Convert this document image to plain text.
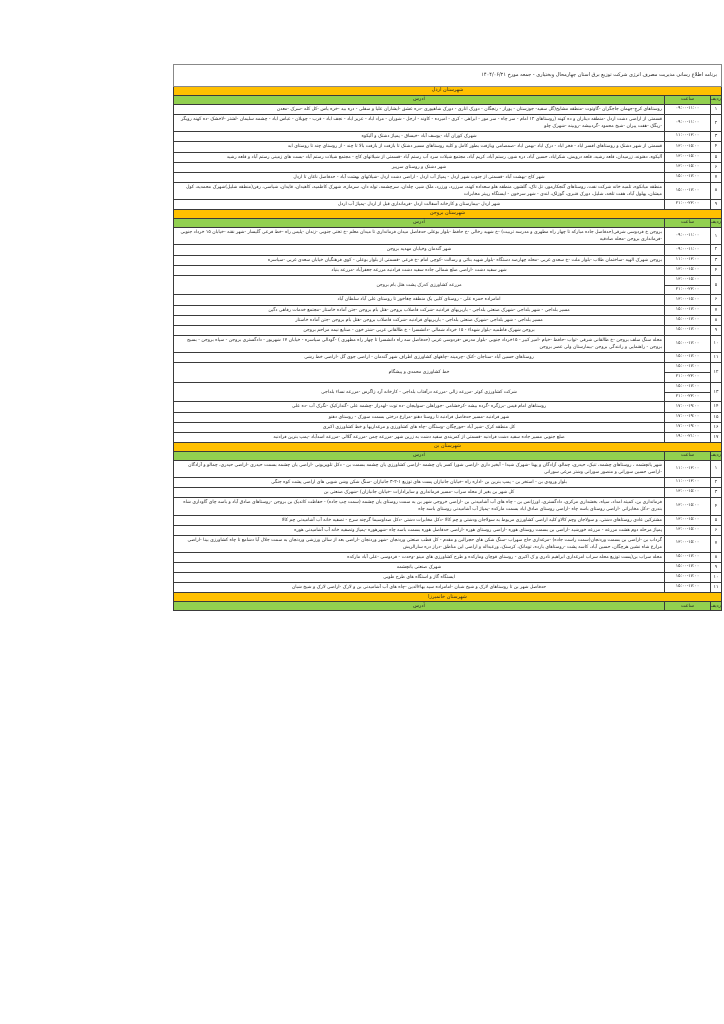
برنامه اطلاع رسانی مدیریت مصرف انرژی شرکت توزیع برق استان چهارمحال وبختیاری - جمعه مورخ ۱۴۰۴/۰۶/۲۱		
شهرستان اردل		
ردیف	ساعت	آدرس
۱	۰۹:۰۰-۱۱:۰۰	روستاهای کرچ-جهمان جاجگران -گاوتوت -منطقه مشایخ(گل سفید- جوزستان - پوراز - رنجگان - دورک اناری - دورک شاهپوری -دره عشق -ایشاران علیا و سفلی - دره بید -خره یاس -کل کله -سرک -معدن
۲	۰۹:۰۰-۱۱:۰۰	قسمتی از اراضی دشت اردل -منطقه دیناران و ده کهنه (روستاهای ۱۲ امام - سر چاه - سر مور - ابراهی - کری - امیرده - کاوند - ارجل - شوران - مراد اباد - عزیز اباد - نجف اباد - قرب - چوبلان - عباس اباد - چشمه سلیمان -لشتر -لاخشک -ده کهنه رویگر -ریگک -هفت پیران -شیخ محمود -گردبیشه -روبینه -شهرک چلو
۳	۱۱:۰۰-۱۳:۰۰	شهرک کوران آباد -یوسف آباد -خیساق - پمپاژ دشتک و آلیکوه
۴	۱۳:۰۰-۱۵:۰۰	قسمتی از شهر دشتک و روستاهای افسر اباد - فخر اباد - درک اباد -بهمن اباد -صمصامی وبازفت بطور کامل و کلیه روستاهای مسیر دشتک تا بازفت از بازفت بالا تا چند - از روستای چند تا روستای ابد
۵	۱۳:۰۰-۱۵:۰۰	آلیکوه، دهنونه، زرمیدان، قلعه رشید، قلعه درویش، شکراباد، حسین آباد، دره شور، رستم آباد، کریم آباد، مجتمع شیلات سرد آب رستم آباد -قسمتی از شیلاتهای کاج - مجتمع شیلات رستم آباد -بست های زمینی رستم آباد و قلعه رشید
۶	۱۳:۰۰-۱۵:۰۰	شهر دشتک و روستای سرپیر
۷	۱۵:۰۰-۱۷:۰۰	شهر کاج -بهشت آباد -قسمتی از جنوب شهر اردل - پمپاژ آب اردل - اراضی دشت اردل -شیلاتهای بهشت آباد - حدفاصل ناغان تا اردل
۸	۱۵:۰۰-۱۷:۰۰	منطقه میانکوه، تلمبه خانه شرکت نفت، روستاهای گنجکارمور، تل تاک، گلشور، منطقه هلو سعداده کهنه، سرزرد، ورزرد، ملک شیر، چلدان، سرچشمه، توله دان، سرمازه، شهرک کاظمیه، کاهیدان، قایدان، شیاسی، رفن(منطقه شلیل)شهرک محمدیه، کول میشان، پهلول آباد، هفت تلخه، شلیل، دورک قنبری، گوزلک، لندی - شهر سرخون - ایستگاه رپیتر مخابرات
۹	۲۱:۰۰-۲۳:۰۰	شهر اردل -بیمارستان و کارخانه آسفالت اردل -فرمانداری قبل از اردل -پمپاژ آب اردل
شهرستان بروجن		
ردیف	ساعت	آدرس
۱	۰۹:۰۰-۱۱:۰۰	بروجن خ فردوسی شرقی(حدفاصل جاده مبارکه تا چهار راه مطهری و مدرسه تربیت) -خ شهید رخالی -خ حافظ -بلوار بوعلی حدفاصل میدان فرمانداری تا میدان معلم -خ تختی جنوبی -زندان -پلیس راه -خط فرعی گلیسار -شهر نقنه -خیابان ۱۵ خرداد جنوبی -فرمانداری بروجن -محله صادقیه
۲	۰۹:۰۰-۱۱:۰۰	شهر گندمان وخیابان مهدیه بروجن
۳	۱۱:۰۰-۱۳:۰۰	بروجن شهرک الهیه -ساختمان طلاب -بلوار ملت -خ سعدی غربی -محله چهارصد دستگاه -بلوار شهید بنائی و رسالت -کوچی امام -خ فرعی -قسمتی از بلوار بوعلی - کوی فرهنگیان خیابان سعدی غربی -سیاسره
۴	۱۳:۰۰-۱۵:۰۰	شهر سفید دشت -اراضی ضلع شمالی جاده سفید دشت فرادنبه مزرعه جعفرآباد -مزرعه بنیاد
۵	۱۳:۰۰-۱۵:۰۰	مزرعه کشاورزی کدرک پشت هتل بام بروجن
	۲۱:۰۰-۲۳:۰۰	
۶	۱۳:۰۰-۱۵:۰۰	امامزاده حمزه علی - روستای کلیی یک منطقه چغاخور تا روستای علی آباد سلطان آباد
۷	۱۵:۰۰-۱۷:۰۰	مسیر بلداجی - شهر بلداجی -شهرک صنعتی بلداجی - باربریهای فرادنبه -شرکت فاضلاب بروجن -هتل بام بروجن -جتن آماده خاستار -مجتمع خدمات رفاهی دگین
۸	۱۵:۰۰-۱۷:۰۰	مسیر بلداجی - شهر بلداجی -شهرک صنعتی بلداجی - باربریهای فرادنبه -شرکت فاضلاب بروجن -هتل بام بروجن -جتن آماده خاستار
۹	۱۵:۰۰-۱۷:۰۰	بروجن شهرک فاطمیه -بلوار شهداء - ۱۵ خرداد شمالی -دانشسرا - خ طالقانی غربی -شتر خون - صنایع نیمه مزاحم بروجن
۱۰	۱۵:۰۰-۱۷:۰۰	محله سنگ سلف بروجن -خ طالقانی شرقی -ثواب -حافظ -خیام -امیر کبیر - ۱۵خرداد جنوبی -بلوار مدرس -فردوسی غربی (حدفاصل سه راه دانشسرا تا چهار راه مطهری ) -گودالی سیاسره - خیابان ۱۷ شهریور - دادگستری بروجن - سپاه بروجن - بسیج بروجن - راهنمایی و رانندگی بروجن -بیمارستان ولی عصر بروجن
۱۱	۱۵:۰۰-۱۷:۰۰	روستاهای حسین آباد -سناجان -کتک -چرمینه -چاههای کشاورزی اطراف شهر گندمان - اراضی جوی گل -اراضی خط رشی
۱۲	۱۵:۰۰-۱۷:۰۰	خط کشاورزی محمدی و پیشگام
	۲۱:۰۰-۲۳:۰۰	
۱۳	۱۵:۰۰-۱۷:۰۰	شرکت کشاورزی کوثر -مزرعه زالی -مزرعه درآفتاب بلداجی - کارخانه آرد زاگرس -مزرعه نساء بلداجی
	۲۱:۰۰-۲۳:۰۰	
۱۴	۱۷:۰۰-۱۹:۰۰	روستاهای امام قیس -برزگره -گرده بیشه -کرخشامی -جوراهلن -سولیجان -ده توت -لهدراز -چشمه علی -گندارکیک -نگرک آب -ده علی
۱۵	۱۷:۰۰-۱۹:۰۰	شهر فرادنبه -مسیر حدفاصل فرادنبه تا روستا دهنو -مزارع درختی بسمت سورک - روستای دهنو
۱۶	۱۷:۰۰-۱۹:۰۰	کل منطقه کرک -شیر آباد -حورچگان -وستگان -چاه های کشاورزی و مرغداریها و خط کشاورزی اکبری
۱۷	۱۹:۰۰-۲۱:۰۰	ضلع جنوبی مسیر جاده سفید دشت فرادنبه -قسمتی از کمربندی سفید دشت به زرین شهر -مزرعه چمن -مزرعه گلالی -مزرعه اسدآباد -پمپ بنزین فرادنبه
شهرستان بن		
ردیف	ساعت	آدرس
۱	۱۱:۰۰-۱۳:۰۰	شهر یانچشمه ، روستاهای چشمه، تنبک، حیدری، چمالو، آزادگان و پهنا -شهرک شیدا - آبخیز داری -اراضی شورا کسر یان چشمه -اراضی کشاورزی یان چشمه بسمت بن - دکل تلویزیونی -اراضی یان چشمه بسمت حیدری -اراضی حیدری، چمالو و آزادگان -اراضی حسین سورانی و منصور سورانی وشتر مرغی سورانی
۲	۱۱:۰۰-۱۳:۰۰	بلوار ورودی بن - استخر بن - پمپ بنزین بن -اداره راه -خیابان جانبازان پست های توزیع ۱-۲-۳ جانبازان -سنگ شکن وشن شویی های اراضی پشت کوه جنگی
۳	۱۳:۰۰-۱۵:۰۰	کل شهر بن بغیر از محله سراب -مسیر فرمانداری و سایرادارات -خیابان جانبازان) -شهرک صنعتی بن
۴	۱۳:۰۰-۱۵:۰۰	فرمانداری بن، کمیته امداد، سپاه، بخشداری مرکزی، دادگستری، اورژانس بن - چاه های آب آشامیدنی بن -اراضی خروجی شهر بن به سمت روستای یان چشمه (سمت چپ جاده) - حفاظت کاتدیک بن بروجن -روستاهای صادق آباد و باسه چای گاوداری شاه بندری -دکل مخابراتی -اراضی روستای باسه چاه -اراضی روستای صادق اباد بسمت مارکده -پمپاژ آب آشامیدنی روستای باسه چاه
۵	۱۳:۰۰-۱۵:۰۰	مشترکین عادی روستاهای دشتی، و سولاجان وچم کالاو کلیه اراضی کشاورزی مربوط به سولاجان ودشتی و چم کالا -دکل مخابرات دشتی -دکل صداوسیما گرچنه سرخ - تصفیه خانه آب آشامیدنی چم کالا
۶	۱۳:۰۰-۱۵:۰۰	پمپاژ مرحله دوم هشت مزرعه - مزرعه خورشید -اراضی بن بسمت روستای هوره -اراضی روستای هوره -اراضی حدفاصل هوره بسمت باسه چاه -شهرهوره -پمپاژ وتصفیه خانه آب آشامیدنی هوره
۷	۱۳:۰۰-۱۵:۰۰	گرداب بن -اراضی بن بسمت وردنجان(سمت راست جاده) -مرغداری حاج سهراب -سنگ شکن های حجرالبن و مقدم - کل قطب صنعتی وردنجان -شهر وردنجان -اراضی بعد از سالن ورزشی وردنجان به سمت جلال آبا دشامع تا چاه کشاورزی بینا -اراضی مزارع شاه نشین هرچگان، حسین آباد، کاسه پشت -روستاهای بارده، تومانک، کرسنک، ورعبداله و اراضی این مناطق -دراز دره سارالریش
۸	۱۵:۰۰-۱۷:۰۰	محله سراب بن(پست توزیع محله سراب امرغداری ابراهیم نادری و ک اکبری - روستای قوچان ومارکده و طرح کشاورزی های مینو -وحدت - فردوسی -علی آباد مارکده
۹	۱۵:۰۰-۱۷:۰۰	شهرک صنعتی یانچشمه
۱۰	۱۵:۰۰-۱۷:۰۰	ایستگاه گاز و استگاه های طرح طوبی
۱۱	۱۵:۰۰-۱۷:۰۰	حدفاصل شهر بن تا روستاهای لارک و شیخ شبان -امامزاده سید بهاءالدین -چاه های آب آشامیدنی بن و لارک -اراضی لارک و شیخ شبان
شهرستان خانمیرزا		
ردیف	ساعت	آدرس
